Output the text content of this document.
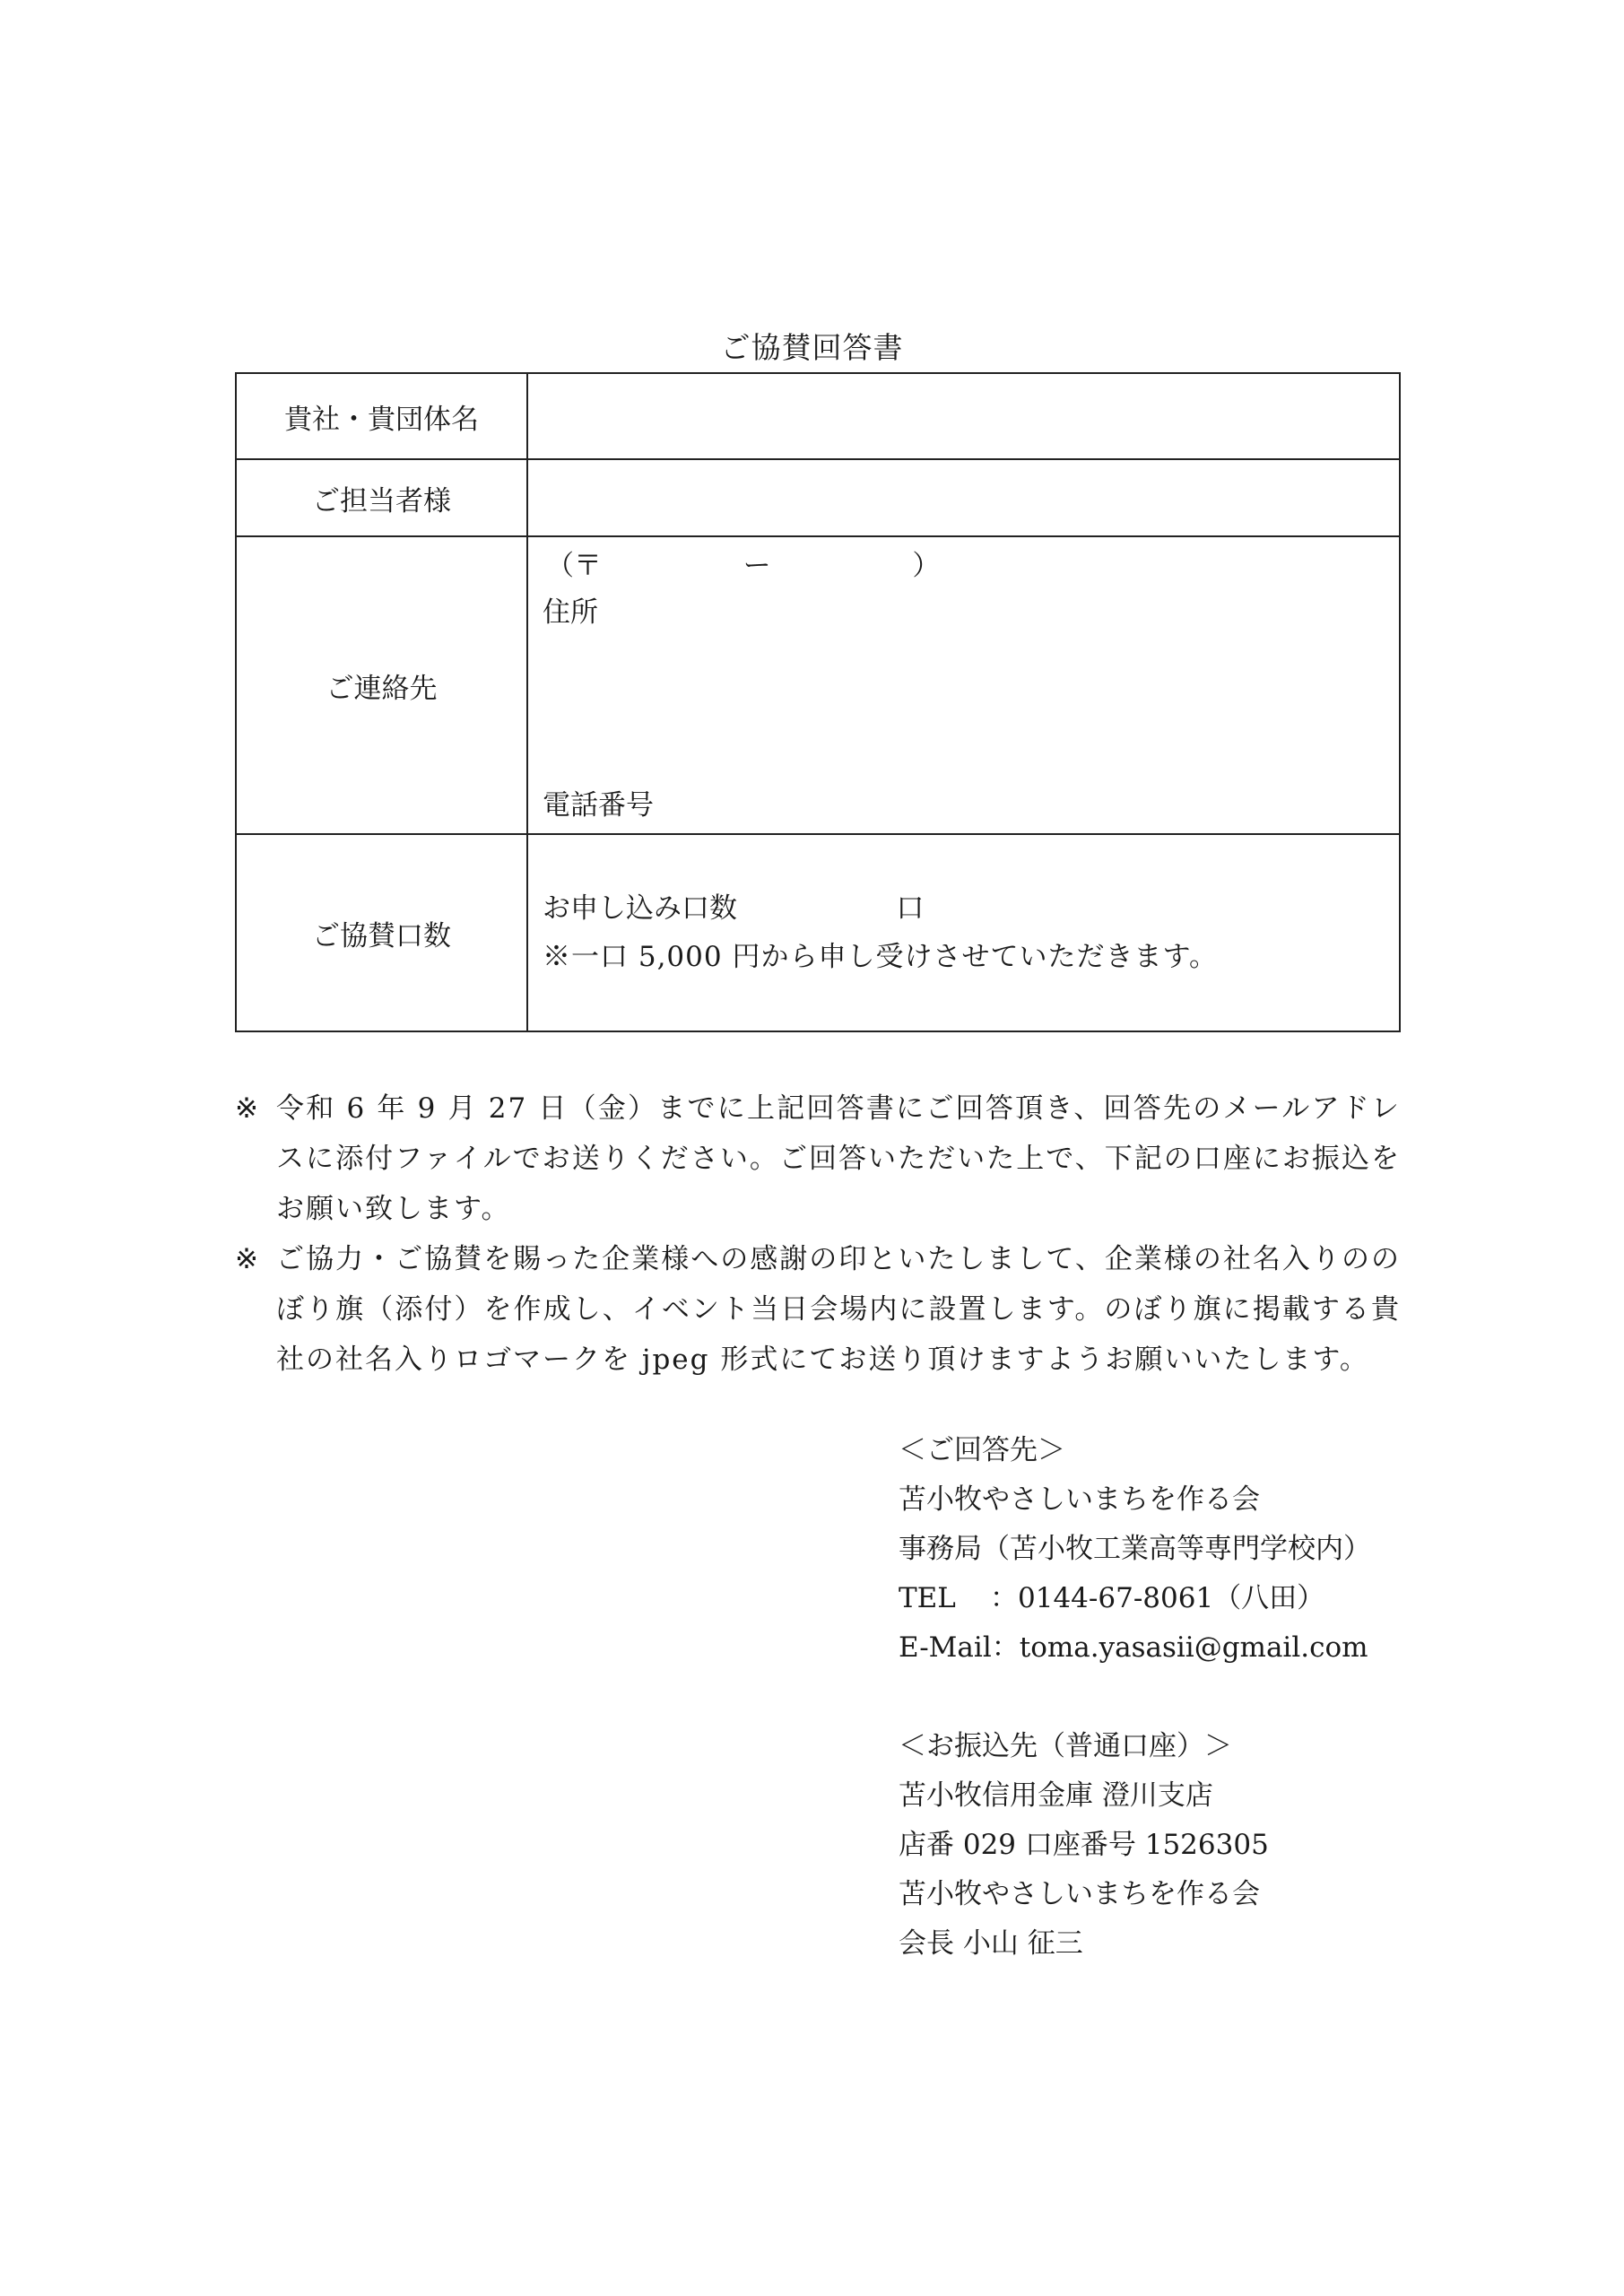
ご協賛回答書
貴社・貴団体名	
ご担当者様	
ご連絡先	（〒 ー ）
住所
電話番号

ご協賛口数	お申し込み口数 口
※一口 5,000 円から申し受けさせていただきます。
※ 令和 6 年 9 月 27 日（金）までに上記回答書にご回答頂き、回答先のメールアドレスに添付ファイルでお送りください。ご回答いただいた上で、下記の口座にお振込をお願い致します。
※ ご協力・ご協賛を賜った企業様への感謝の印といたしまして、企業様の社名入りののぼり旗（添付）を作成し、イベント当日会場内に設置します。のぼり旗に掲載する貴社の社名入りロゴマークを jpeg 形式にてお送り頂けますようお願いいたします。
＜ご回答先＞
苫小牧やさしいまちを作る会
事務局（苫小牧工業高等専門学校内）
TEL ：0144-67-8061（八田）
E-Mail：toma.yasasii@gmail.com
＜お振込先（普通口座）＞
苫小牧信用金庫 澄川支店
店番 029 口座番号 1526305
苫小牧やさしいまちを作る会
会長 小山 征三
